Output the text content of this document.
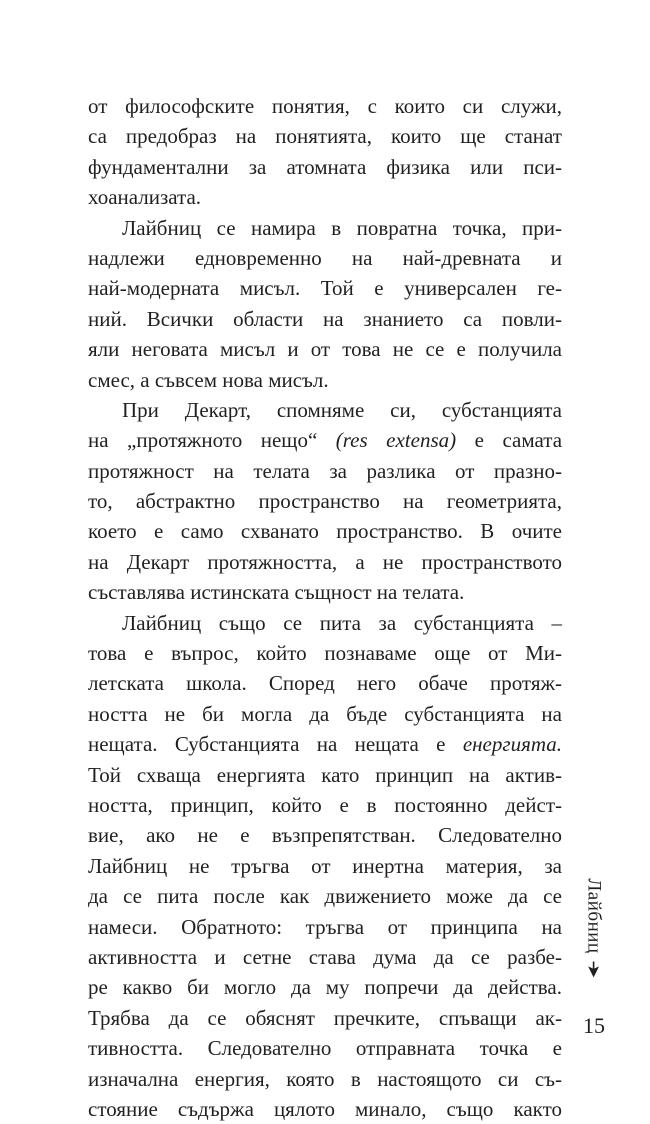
от философските понятия, с които си служи,
са предобраз на понятията, които ще станат
фундаментални за атомната физика или пси-
хоанализата.
Лайбниц се намира в повратна точка, при-
надлежи едновременно на най-древната и
най-модерната мисъл. Той е универсален ге-
ний. Всички области на знанието са повли-
яли неговата мисъл и от това не се е получила
смес, а съвсем нова мисъл.
При Декарт, спомняме си, субстанцията
на „протяжното нещо“ (res extensa) е самата
протяжност на телата за разлика от празно-
то, абстрактно пространство на геометрията,
което е само схванато пространство. В очите
на Декарт протяжността, а не пространството
съставлява истинската същност на телата.
Лайбниц също се пита за субстанцията –
това е въпрос, който познаваме още от Ми-
летската школа. Според него обаче протяж-
ността не би могла да бъде субстанцията на
нещата. Субстанцията на нещата е енергията.
Той схваща енергията като принцип на актив-
ността, принцип, който е в постоянно дейст-
вие, ако не е възпрепятстван. Следователно
Лайбниц не тръгва от инертна материя, за
да се пита после как движението може да се
намеси. Обратното: тръгва от принципа на
активността и сетне става дума да се разбе-
ре какво би могло да му попречи да действа.
Трябва да се обяснят пречките, спъващи ак-
тивността. Следователно отправната точка е
изначална енергия, която в настоящото си съ-
стояние съдържа цялото минало, също както
Лайбниц
15
